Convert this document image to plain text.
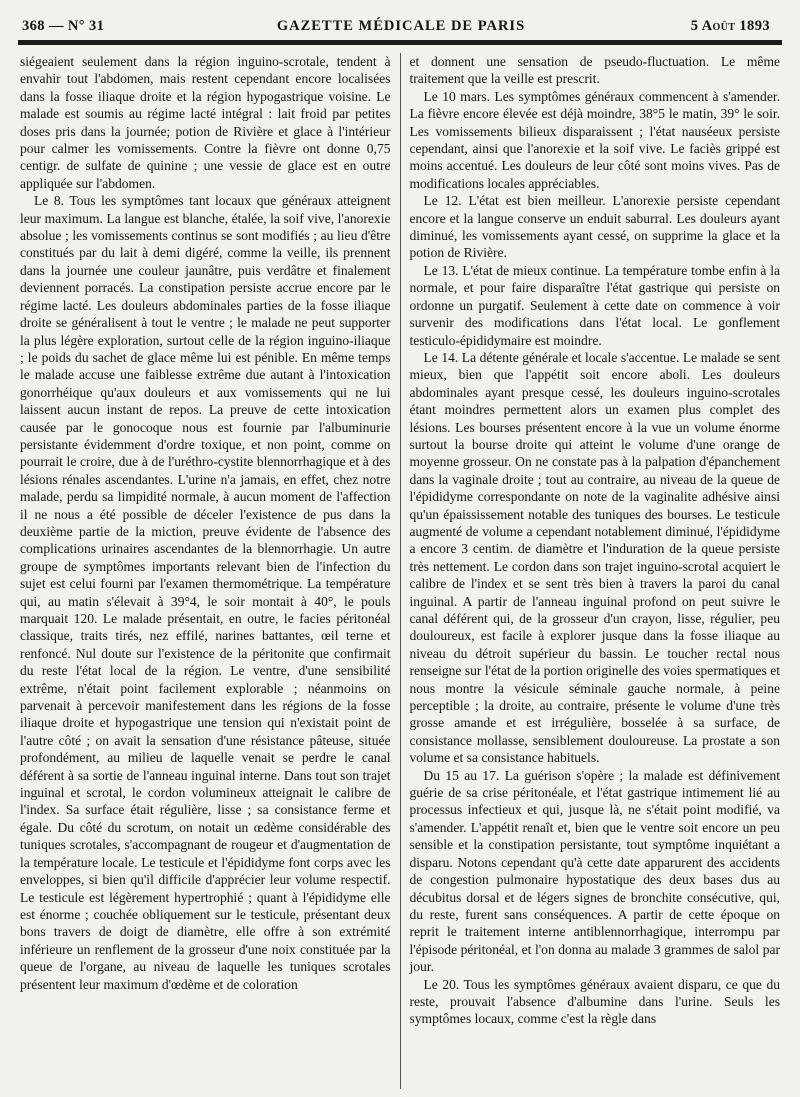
368 — N° 31	GAZETTE MÉDICALE DE PARIS	5 Août 1893

siégeaient seulement dans la région inguino-scrotale, tendent à envahir tout l'abdomen, mais restent cependant encore localisées dans la fosse iliaque droite et la région hypogastrique voisine. Le malade est soumis au régime lacté intégral : lait froid par petites doses pris dans la journée; potion de Rivière et glace à l'intérieur pour calmer les vomissements. Contre la fièvre ont donne 0,75 centigr. de sulfate de quinine ; une vessie de glace est en outre appliquée sur l'abdomen.

Le 8. Tous les symptômes tant locaux que généraux atteignent leur maximum. La langue est blanche, étalée, la soif vive, l'anorexie absolue ; les vomissements continus se sont modifiés ; au lieu d'être constitués par du lait à demi digéré, comme la veille, ils prennent dans la journée une couleur jaunâtre, puis verdâtre et finalement deviennent porracés. La constipation persiste accrue encore par le régime lacté. Les douleurs abdominales parties de la fosse iliaque droite se généralisent à tout le ventre ; le malade ne peut supporter la plus légère exploration, surtout celle de la région inguino-iliaque ; le poids du sachet de glace même lui est pénible. En même temps le malade accuse une faiblesse extrême due autant à l'intoxication gonorrhéique qu'aux douleurs et aux vomissements qui ne lui laissent aucun instant de repos. La preuve de cette intoxication causée par le gonocoque nous est fournie par l'albuminurie persistante évidemment d'ordre toxique, et non point, comme on pourrait le croire, due à de l'uréthro-cystite blennorrhagique et à des lésions rénales ascendantes. L'urine n'a jamais, en effet, chez notre malade, perdu sa limpidité normale, à aucun moment de l'affection il ne nous a été possible de déceler l'existence de pus dans la deuxième partie de la miction, preuve évidente de l'absence des complications urinaires ascendantes de la blennorrhagie. Un autre groupe de symptômes importants relevant bien de l'infection du sujet est celui fourni par l'examen thermométrique. La température qui, au matin s'élevait à 39°4, le soir montait à 40°, le pouls marquait 120. Le malade présentait, en outre, le facies péritonéal classique, traits tirés, nez effilé, narines battantes, œil terne et renfoncé. Nul doute sur l'existence de la péritonite que confirmait du reste l'état local de la région. Le ventre, d'une sensibilité extrême, n'était point facilement explorable ; néanmoins on parvenait à percevoir manifestement dans les régions de la fosse iliaque droite et hypogastrique une tension qui n'existait point de l'autre côté ; on avait la sensation d'une résistance pâteuse, située profondément, au milieu de laquelle venait se perdre le canal déférent à sa sortie de l'anneau inguinal interne. Dans tout son trajet inguinal et scrotal, le cordon volumineux atteignait le calibre de l'index. Sa surface était régulière, lisse ; sa consistance ferme et égale. Du côté du scrotum, on notait un œdème considérable des tuniques scrotales, s'accompagnant de rougeur et d'augmentation de la température locale. Le testicule et l'épididyme font corps avec les enveloppes, si bien qu'il difficile d'apprécier leur volume respectif. Le testicule est légèrement hypertrophié ; quant à l'épididyme elle est énorme ; couchée obliquement sur le testicule, présentant deux bons travers de doigt de diamètre, elle offre à son extrémité inférieure un renflement de la grosseur d'une noix constituée par la queue de l'organe, au niveau de laquelle les tuniques scrotales présentent leur maximum d'œdème et de coloration

et donnent une sensation de pseudo-fluctuation. Le même traitement que la veille est prescrit.

Le 10 mars. Les symptômes généraux commencent à s'amender. La fièvre encore élevée est déjà moindre, 38°5 le matin, 39° le soir. Les vomissements bilieux disparaissent ; l'état nauséeux persiste cependant, ainsi que l'anorexie et la soif vive. Le faciès grippé est moins accentué. Les douleurs de leur côté sont moins vives. Pas de modifications locales appréciables.

Le 12. L'état est bien meilleur. L'anorexie persiste cependant encore et la langue conserve un enduit saburral. Les douleurs ayant diminué, les vomissements ayant cessé, on supprime la glace et la potion de Rivière.

Le 13. L'état de mieux continue. La température tombe enfin à la normale, et pour faire disparaître l'état gastrique qui persiste on ordonne un purgatif. Seulement à cette date on commence à voir survenir des modifications dans l'état local. Le gonflement testiculo-épididymaire est moindre.

Le 14. La détente générale et locale s'accentue. Le malade se sent mieux, bien que l'appétit soit encore aboli. Les douleurs abdominales ayant presque cessé, les douleurs inguino-scrotales étant moindres permettent alors un examen plus complet des lésions. Les bourses présentent encore à la vue un volume énorme surtout la bourse droite qui atteint le volume d'une orange de moyenne grosseur. On ne constate pas à la palpation d'épanchement dans la vaginale droite ; tout au contraire, au niveau de la queue de l'épididyme correspondante on note de la vaginalite adhésive ainsi qu'un épaississement notable des tuniques des bourses. Le testicule augmenté de volume a cependant notablement diminué, l'épididyme a encore 3 centim. de diamètre et l'induration de la queue persiste très nettement. Le cordon dans son trajet inguino-scrotal acquiert le calibre de l'index et se sent très bien à travers la paroi du canal inguinal. A partir de l'anneau inguinal profond on peut suivre le canal déférent qui, de la grosseur d'un crayon, lisse, régulier, peu douloureux, est facile à explorer jusque dans la fosse iliaque au niveau du détroit supérieur du bassin. Le toucher rectal nous renseigne sur l'état de la portion originelle des voies spermatiques et nous montre la vésicule séminale gauche normale, à peine perceptible ; la droite, au contraire, présente le volume d'une très grosse amande et est irrégulière, bosselée à sa surface, de consistance mollasse, sensiblement douloureuse. La prostate a son volume et sa consistance habituels.

Du 15 au 17. La guérison s'opère ; la malade est définivement guérie de sa crise péritonéale, et l'état gastrique intimement lié au processus infectieux et qui, jusque là, ne s'était point modifié, va s'amender. L'appétit renaît et, bien que le ventre soit encore un peu sensible et la constipation persistante, tout symptôme inquiétant a disparu. Notons cependant qu'à cette date apparurent des accidents de congestion pulmonaire hypostatique des deux bases dus au décubitus dorsal et de légers signes de bronchite consécutive, qui, du reste, furent sans conséquences. A partir de cette époque on reprit le traitement interne antiblennorrhagique, interrompu par l'épisode péritonéal, et l'on donna au malade 3 grammes de salol par jour.

Le 20. Tous les symptômes généraux avaient disparu, ce que du reste, prouvait l'absence d'albumine dans l'urine. Seuls les symptômes locaux, comme c'est la règle dans
